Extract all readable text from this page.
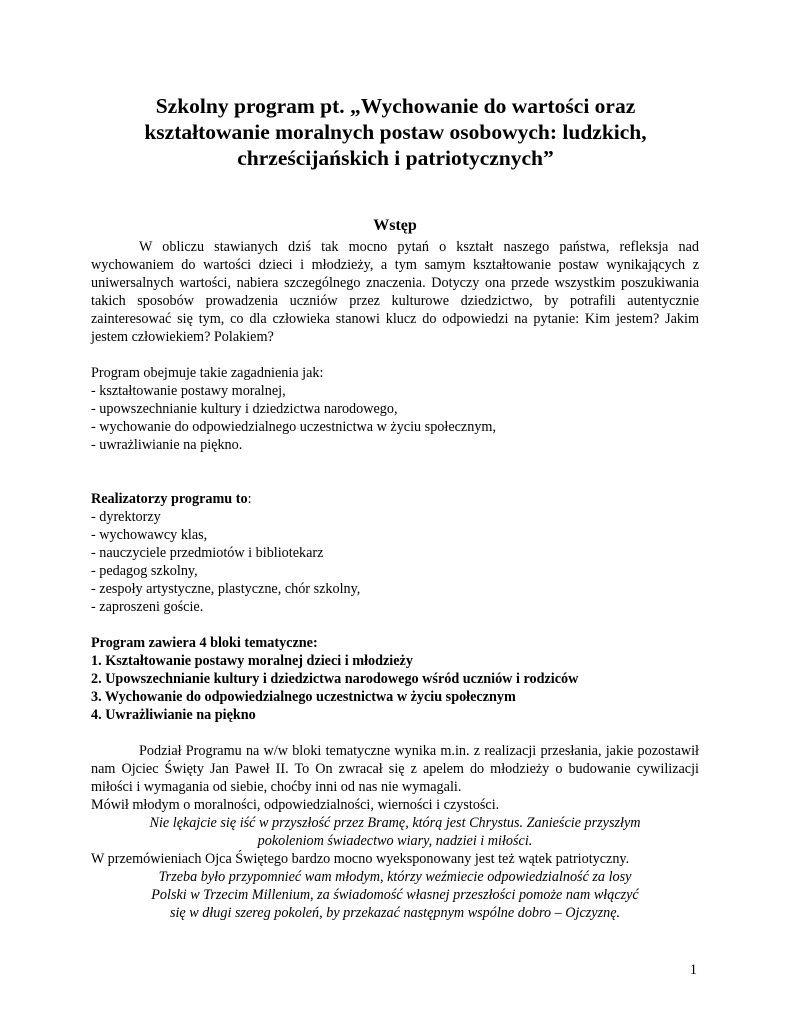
Szkolny program pt. „Wychowanie do wartości oraz
kształtowanie moralnych postaw osobowych: ludzkich,
chrześcijańskich i patriotycznych”
Wstęp
W obliczu stawianych dziś tak mocno pytań o kształt naszego państwa, refleksja nad wychowaniem do wartości dzieci i młodzieży, a tym samym kształtowanie postaw wynikających z uniwersalnych wartości, nabiera szczególnego znaczenia. Dotyczy ona przede wszystkim poszukiwania takich sposobów prowadzenia uczniów przez kulturowe dziedzictwo, by potrafili autentycznie zainteresować się tym, co dla człowieka stanowi klucz do odpowiedzi na pytanie: Kim jestem? Jakim jestem człowiekiem? Polakiem?
Program obejmuje takie zagadnienia jak:
- kształtowanie postawy moralnej,
- upowszechnianie kultury i dziedzictwa narodowego,
- wychowanie do odpowiedzialnego uczestnictwa w życiu społecznym,
- uwrażliwianie na piękno.
Realizatorzy programu to:
- dyrektorzy
- wychowawcy klas,
- nauczyciele przedmiotów i bibliotekarz
- pedagog szkolny,
- zespoły artystyczne, plastyczne, chór szkolny,
- zaproszeni goście.
Program zawiera 4 bloki tematyczne:
1. Kształtowanie postawy moralnej dzieci i młodzieży
2. Upowszechnianie kultury i dziedzictwa narodowego wśród uczniów i rodziców
3. Wychowanie do odpowiedzialnego uczestnictwa w życiu społecznym
4. Uwrażliwianie na piękno
Podział Programu na w/w bloki tematyczne wynika m.in. z realizacji przesłania, jakie pozostawił nam Ojciec Święty Jan Paweł II. To On zwracał się z apelem do młodzieży o budowanie cywilizacji miłości i wymagania od siebie, choćby inni od nas nie wymagali.
Mówił młodym o moralności, odpowiedzialności, wierności i czystości.
Nie lękajcie się iść w przyszłość przez Bramę, którą jest Chrystus. Zanieście przyszłym
pokoleniom świadectwo wiary, nadziei i miłości.
W przemówieniach Ojca Świętego bardzo mocno wyeksponowany jest też wątek patriotyczny.
Trzeba było przypomnieć wam młodym, którzy weźmiecie odpowiedzialność za losy
Polski w Trzecim Millenium, za świadomość własnej przeszłości pomoże nam włączyć
się w długi szereg pokoleń, by przekazać następnym wspólne dobro – Ojczyznę.
1
